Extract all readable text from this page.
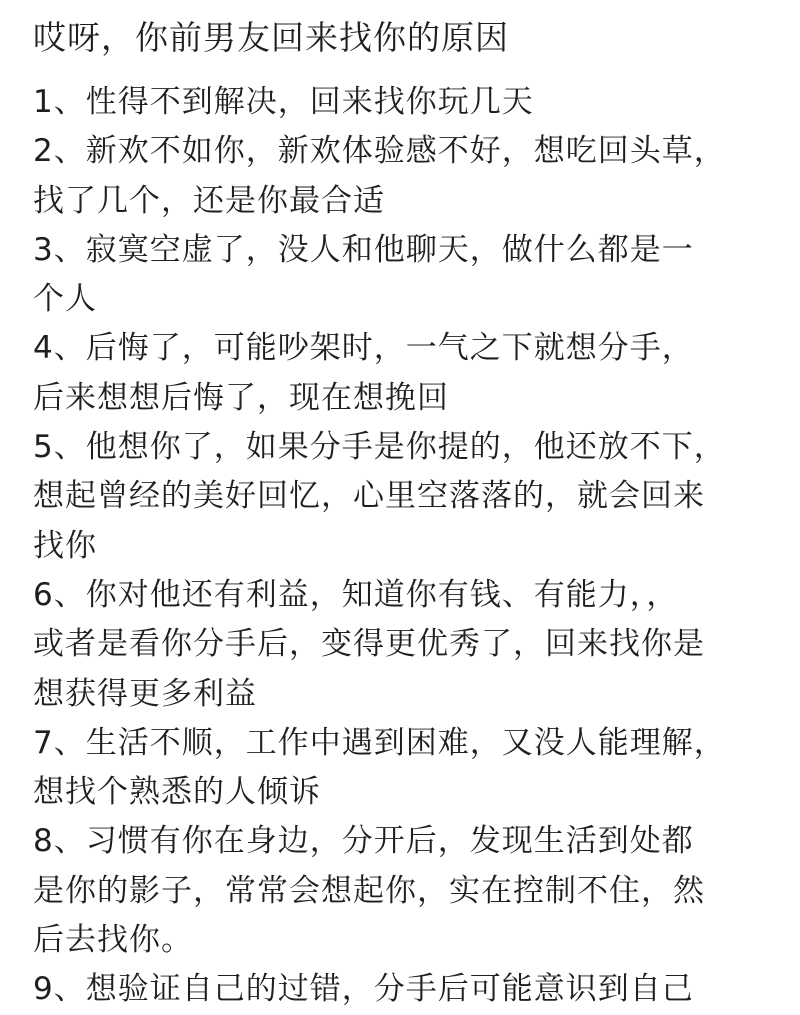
哎呀，你前男友回来找你的原因
1、性得不到解决，回来找你玩几天
2、新欢不如你，新欢体验感不好，想吃回头草，
找了几个，还是你最合适
3、寂寞空虚了，没人和他聊天，做什么都是一
个人
4、后悔了，可能吵架时，一气之下就想分手，
后来想想后悔了，现在想挽回
5、他想你了，如果分手是你提的，他还放不下，
想起曾经的美好回忆，心里空落落的，就会回来
找你
6、你对他还有利益，知道你有钱、有能力，，
或者是看你分手后，变得更优秀了，回来找你是
想获得更多利益
7、生活不顺，工作中遇到困难，又没人能理解，
想找个熟悉的人倾诉
8、习惯有你在身边，分开后，发现生活到处都
是你的影子，常常会想起你，实在控制不住，然
后去找你。
9、想验证自己的过错，分手后可能意识到自己
